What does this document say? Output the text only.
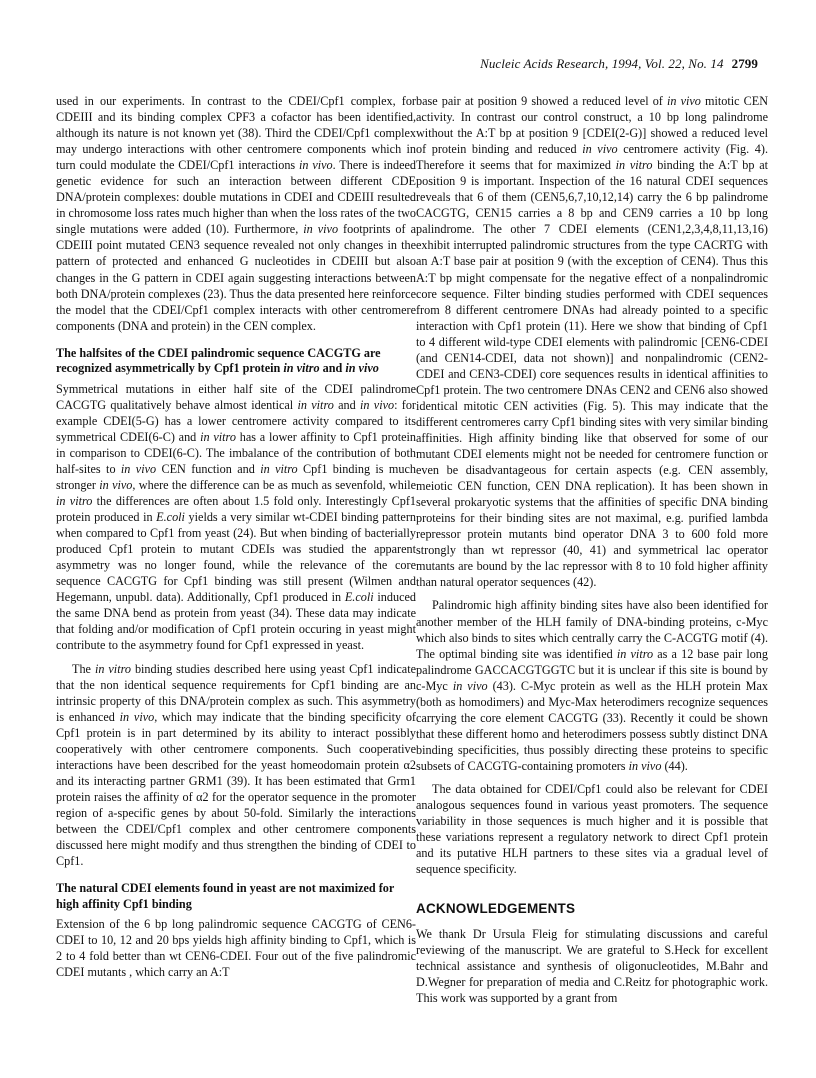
Nucleic Acids Research, 1994, Vol. 22, No. 14 2799

used in our experiments. In contrast to the CDEI/Cpf1 complex, for CDEIII and its binding complex CPF3 a cofactor has been identified, although its nature is not known yet (38). Third the CDEI/Cpf1 complex may undergo interactions with other centromere components which in turn could modulate the CDEI/Cpf1 interactions in vivo. There is indeed genetic evidence for such an interaction between different CDE DNA/protein complexes: double mutations in CDEI and CDEIII resulted in chromosome loss rates much higher than when the loss rates of the two single mutations were added (10). Furthermore, in vivo footprints of a CDEIII point mutated CEN3 sequence revealed not only changes in the pattern of protected and enhanced G nucleotides in CDEIII but also changes in the G pattern in CDEI again suggesting interactions between both DNA/protein complexes (23). Thus the data presented here reinforce the model that the CDEI/Cpf1 complex interacts with other centromere components (DNA and protein) in the CEN complex.

The halfsites of the CDEI palindromic sequence CACGTG are recognized asymmetrically by Cpf1 protein in vitro and in vivo

Symmetrical mutations in either half site of the CDEI palindrome CACGTG qualitatively behave almost identical in vitro and in vivo: for example CDEI(5-G) has a lower centromere activity compared to its symmetrical CDEI(6-C) and in vitro has a lower affinity to Cpf1 protein in comparison to CDEI(6-C). The imbalance of the contribution of both half-sites to in vivo CEN function and in vitro Cpf1 binding is much stronger in vivo, where the difference can be as much as sevenfold, while in vitro the differences are often about 1.5 fold only. Interestingly Cpf1 protein produced in E.coli yields a very similar wt-CDEI binding pattern when compared to Cpf1 from yeast (24). But when binding of bacterially produced Cpf1 protein to mutant CDEIs was studied the apparent asymmetry was no longer found, while the relevance of the core sequence CACGTG for Cpf1 binding was still present (Wilmen and Hegemann, unpubl. data). Additionally, Cpf1 produced in E.coli induced the same DNA bend as protein from yeast (34). These data may indicate that folding and/or modification of Cpf1 protein occuring in yeast might contribute to the asymmetry found for Cpf1 expressed in yeast.

The in vitro binding studies described here using yeast Cpf1 indicate that the non identical sequence requirements for Cpf1 binding are an intrinsic property of this DNA/protein complex as such. This asymmetry is enhanced in vivo, which may indicate that the binding specificity of Cpf1 protein is in part determined by its ability to interact possibly cooperatively with other centromere components. Such cooperative interactions have been described for the yeast homeodomain protein α2 and its interacting partner GRM1 (39). It has been estimated that Grm1 protein raises the affinity of α2 for the operator sequence in the promoter region of a-specific genes by about 50-fold. Similarly the interactions between the CDEI/Cpf1 complex and other centromere components discussed here might modify and thus strengthen the binding of CDEI to Cpf1.

The natural CDEI elements found in yeast are not maximized for high affinity Cpf1 binding

Extension of the 6 bp long palindromic sequence CACGTG of CEN6-CDEI to 10, 12 and 20 bps yields high affinity binding to Cpf1, which is 2 to 4 fold better than wt CEN6-CDEI. Four out of the five palindromic CDEI mutants , which carry an A:T

base pair at position 9 showed a reduced level of in vivo mitotic CEN activity. In contrast our control construct, a 10 bp long palindrome without the A:T bp at position 9 [CDEI(2-G)] showed a reduced level of protein binding and reduced in vivo centromere activity (Fig. 4). Therefore it seems that for maximized in vitro binding the A:T bp at position 9 is important. Inspection of the 16 natural CDEI sequences reveals that 6 of them (CEN5,6,7,10,12,14) carry the 6 bp palindrome CACGTG, CEN15 carries a 8 bp and CEN9 carries a 10 bp long palindrome. The other 7 CDEI elements (CEN1,2,3,4,8,11,13,16) exhibit interrupted palindromic structures from the type CACRTG with an A:T base pair at position 9 (with the exception of CEN4). Thus this A:T bp might compensate for the negative effect of a nonpalindromic core sequence. Filter binding studies performed with CDEI sequences from 8 different centromere DNAs had already pointed to a specific interaction with Cpf1 protein (11). Here we show that binding of Cpf1 to 4 different wild-type CDEI elements with palindromic [CEN6-CDEI (and CEN14-CDEI, data not shown)] and nonpalindromic (CEN2-CDEI and CEN3-CDEI) core sequences results in identical affinities to Cpf1 protein. The two centromere DNAs CEN2 and CEN6 also showed identical mitotic CEN activities (Fig. 5). This may indicate that the different centromeres carry Cpf1 binding sites with very similar binding affinities. High affinity binding like that observed for some of our mutant CDEI elements might not be needed for centromere function or even be disadvantageous for certain aspects (e.g. CEN assembly, meiotic CEN function, CEN DNA replication). It has been shown in several prokaryotic systems that the affinities of specific DNA binding proteins for their binding sites are not maximal, e.g. purified lambda repressor protein mutants bind operator DNA 3 to 600 fold more strongly than wt repressor (40, 41) and symmetrical lac operator mutants are bound by the lac repressor with 8 to 10 fold higher affinity than natural operator sequences (42).

Palindromic high affinity binding sites have also been identified for another member of the HLH family of DNA-binding proteins, c-Myc which also binds to sites which centrally carry the C-ACGTG motif (4). The optimal binding site was identified in vitro as a 12 base pair long palindrome GACCACGTGGTC but it is unclear if this site is bound by c-Myc in vivo (43). C-Myc protein as well as the HLH protein Max (both as homodimers) and Myc-Max heterodimers recognize sequences carrying the core element CACGTG (33). Recently it could be shown that these different homo and heterodimers possess subtly distinct DNA binding specificities, thus possibly directing these proteins to specific subsets of CACGTG-containing promoters in vivo (44).

The data obtained for CDEI/Cpf1 could also be relevant for CDEI analogous sequences found in various yeast promoters. The sequence variability in those sequences is much higher and it is possible that these variations represent a regulatory network to direct Cpf1 protein and its putative HLH partners to these sites via a gradual level of sequence specificity.

ACKNOWLEDGEMENTS

We thank Dr Ursula Fleig for stimulating discussions and careful reviewing of the manuscript. We are grateful to S.Heck for excellent technical assistance and synthesis of oligonucleotides, M.Bahr and D.Wegner for preparation of media and C.Reitz for photographic work. This work was supported by a grant from
